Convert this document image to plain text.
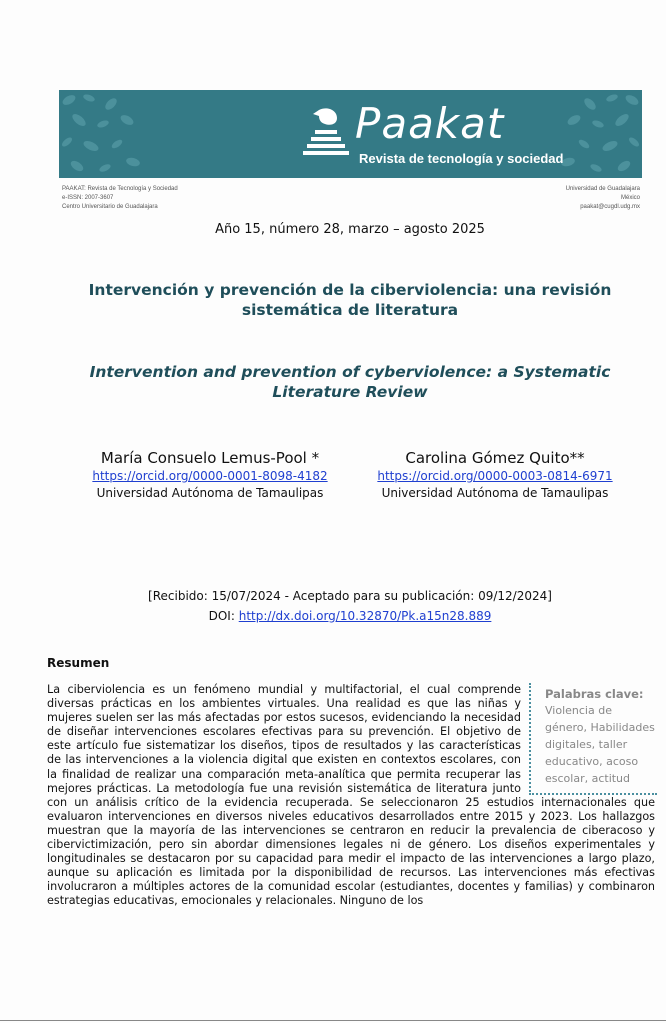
Paakat
Revista de tecnología y sociedad
PAAKAT: Revista de Tecnología y Sociedad
e-ISSN: 2007-3607
Centro Universitario de Guadalajara
Universidad de Guadalajara
México
paakat@cugdl.udg.mx
Año 15, número 28, marzo – agosto 2025
Intervención y prevención de la ciberviolencia: una revisión sistemática de literatura
Intervention and prevention of cyberviolence: a Systematic Literature Review
María Consuelo Lemus-Pool *
https://orcid.org/0000-0001-8098-4182
Universidad Autónoma de Tamaulipas
Carolina Gómez Quito**
https://orcid.org/0000-0003-0814-6971
Universidad Autónoma de Tamaulipas
[Recibido: 15/07/2024 - Aceptado para su publicación: 09/12/2024]
DOI: http://dx.doi.org/10.32870/Pk.a15n28.889
Resumen
Palabras clave:
Violencia de género, Habilidades digitales, taller educativo, acoso escolar, actitud
La ciberviolencia es un fenómeno mundial y multifactorial, el cual comprende diversas prácticas en los ambientes virtuales. Una realidad es que las niñas y mujeres suelen ser las más afectadas por estos sucesos, evidenciando la necesidad de diseñar intervenciones escolares efectivas para su prevención. El objetivo de este artículo fue sistematizar los diseños, tipos de resultados y las características de las intervenciones a la violencia digital que existen en contextos escolares, con la finalidad de realizar una comparación meta-analítica que permita recuperar las mejores prácticas. La metodología fue una revisión sistemática de literatura junto con un análisis crítico de la evidencia recuperada. Se seleccionaron 25 estudios internacionales que evaluaron intervenciones en diversos niveles educativos desarrollados entre 2015 y 2023. Los hallazgos muestran que la mayoría de las intervenciones se centraron en reducir la prevalencia de ciberacoso y cibervictimización, pero sin abordar dimensiones legales ni de género. Los diseños experimentales y longitudinales se destacaron por su capacidad para medir el impacto de las intervenciones a largo plazo, aunque su aplicación es limitada por la disponibilidad de recursos. Las intervenciones más efectivas involucraron a múltiples actores de la comunidad escolar (estudiantes, docentes y familias) y combinaron estrategias educativas, emocionales y relacionales. Ninguno de los
